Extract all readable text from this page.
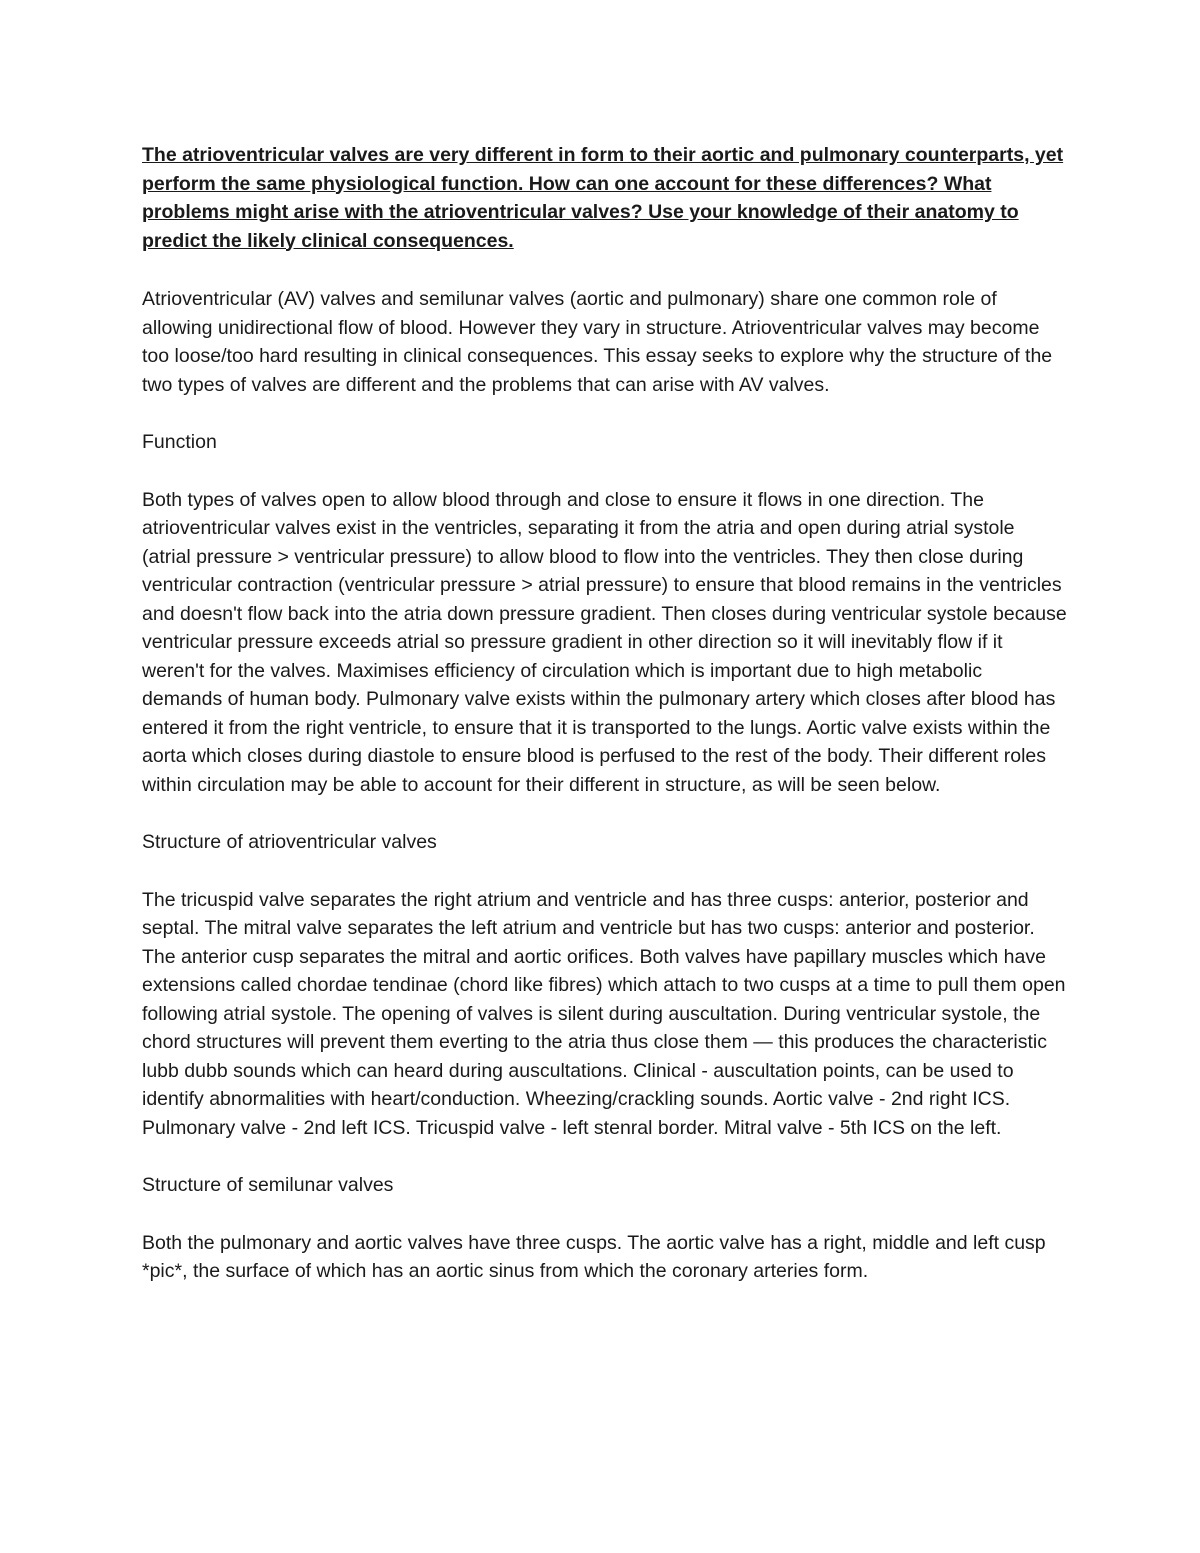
The atrioventricular valves are very different in form to their aortic and pulmonary counterparts, yet perform the same physiological function. How can one account for these differences? What problems might arise with the atrioventricular valves? Use your knowledge of their anatomy to predict the likely clinical consequences.

Atrioventricular (AV) valves and semilunar valves (aortic and pulmonary) share one common role of allowing unidirectional flow of blood. However they vary in structure. Atrioventricular valves may become too loose/too hard resulting in clinical consequences. This essay seeks to explore why the structure of the two types of valves are different and the problems that can arise with AV valves.

Function

Both types of valves open to allow blood through and close to ensure it flows in one direction. The atrioventricular valves exist in the ventricles, separating it from the atria and open during atrial systole (atrial pressure > ventricular pressure) to allow blood to flow into the ventricles. They then close during ventricular contraction (ventricular pressure > atrial pressure) to ensure that blood remains in the ventricles and doesn't flow back into the atria down pressure gradient. Then closes during ventricular systole because ventricular pressure exceeds atrial so pressure gradient in other direction so it will inevitably flow if it weren't for the valves. Maximises efficiency of circulation which is important due to high metabolic demands of human body. Pulmonary valve exists within the pulmonary artery which closes after blood has entered it from the right ventricle, to ensure that it is transported to the lungs. Aortic valve exists within the aorta which closes during diastole to ensure blood is perfused to the rest of the body. Their different roles within circulation may be able to account for their different in structure, as will be seen below.

Structure of atrioventricular valves

The tricuspid valve separates the right atrium and ventricle and has three cusps: anterior, posterior and septal. The mitral valve separates the left atrium and ventricle but has two cusps: anterior and posterior. The anterior cusp separates the mitral and aortic orifices. Both valves have papillary muscles which have extensions called chordae tendinae (chord like fibres) which attach to two cusps at a time to pull them open following atrial systole. The opening of valves is silent during auscultation. During ventricular systole, the chord structures will prevent them everting to the atria thus close them — this produces the characteristic lubb dubb sounds which can heard during auscultations. Clinical - auscultation points, can be used to identify abnormalities with heart/conduction. Wheezing/crackling sounds. Aortic valve - 2nd right ICS. Pulmonary valve - 2nd left ICS. Tricuspid valve - left stenral border. Mitral valve - 5th ICS on the left.

Structure of semilunar valves

Both the pulmonary and aortic valves have three cusps. The aortic valve has a right, middle and left cusp *pic*, the surface of which has an aortic sinus from which the coronary arteries form.
